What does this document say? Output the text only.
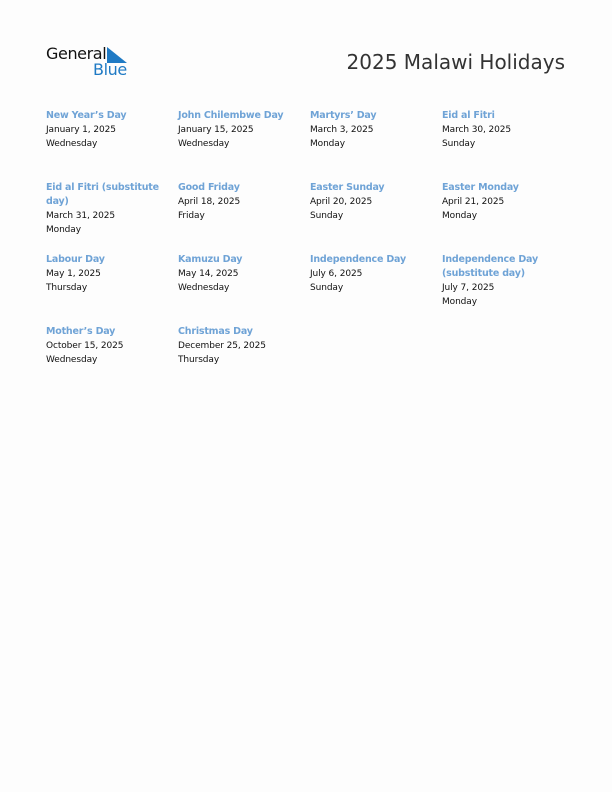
General
Blue	2025 Malawi Holidays
New Year’s Day
January 1, 2025
Wednesday
John Chilembwe Day
January 15, 2025
Wednesday
Martyrs’ Day
March 3, 2025
Monday
Eid al Fitri
March 30, 2025
Sunday
Eid al Fitri (substitute day)
March 31, 2025
Monday
Good Friday
April 18, 2025
Friday
Easter Sunday
April 20, 2025
Sunday
Easter Monday
April 21, 2025
Monday
Labour Day
May 1, 2025
Thursday
Kamuzu Day
May 14, 2025
Wednesday
Independence Day
July 6, 2025
Sunday
Independence Day (substitute day)
July 7, 2025
Monday
Mother’s Day
October 15, 2025
Wednesday
Christmas Day
December 25, 2025
Thursday
